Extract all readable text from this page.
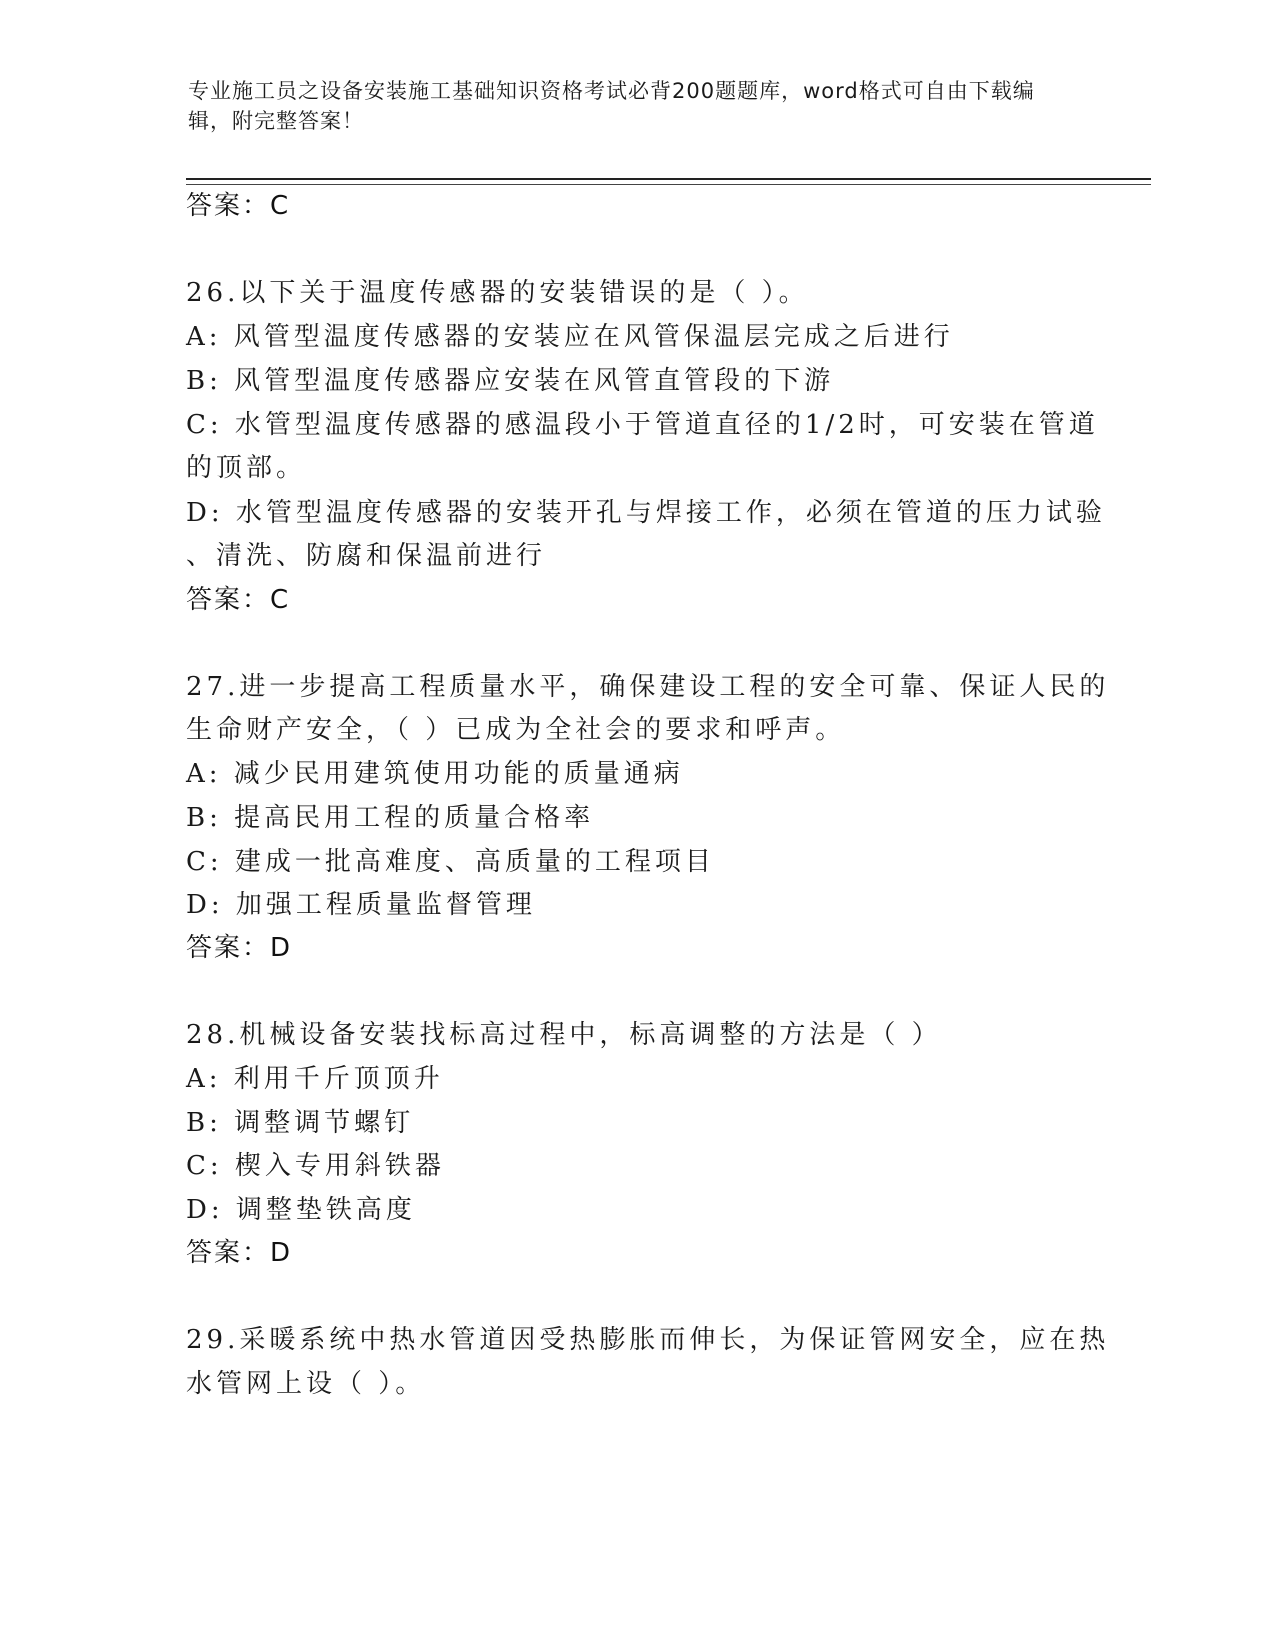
专业施工员之设备安装施工基础知识资格考试必背200题题库，word格式可自由下载编辑，附完整答案！
答案：C
26.以下关于温度传感器的安装错误的是（ ）。
A: 风管型温度传感器的安装应在风管保温层完成之后进行
B: 风管型温度传感器应安装在风管直管段的下游
C: 水管型温度传感器的感温段小于管道直径的1/2时，可安装在管道
的顶部。
D: 水管型温度传感器的安装开孔与焊接工作，必须在管道的压力试验
、清洗、防腐和保温前进行
答案：C
27.进一步提高工程质量水平，确保建设工程的安全可靠、保证人民的
生命财产安全，（ ）已成为全社会的要求和呼声。
A: 减少民用建筑使用功能的质量通病
B: 提高民用工程的质量合格率
C: 建成一批高难度、高质量的工程项目
D: 加强工程质量监督管理
答案：D
28.机械设备安装找标高过程中，标高调整的方法是（ ）
A: 利用千斤顶顶升
B: 调整调节螺钉
C: 楔入专用斜铁器
D: 调整垫铁高度
答案：D
29.采暖系统中热水管道因受热膨胀而伸长，为保证管网安全，应在热
水管网上设（ ）。
